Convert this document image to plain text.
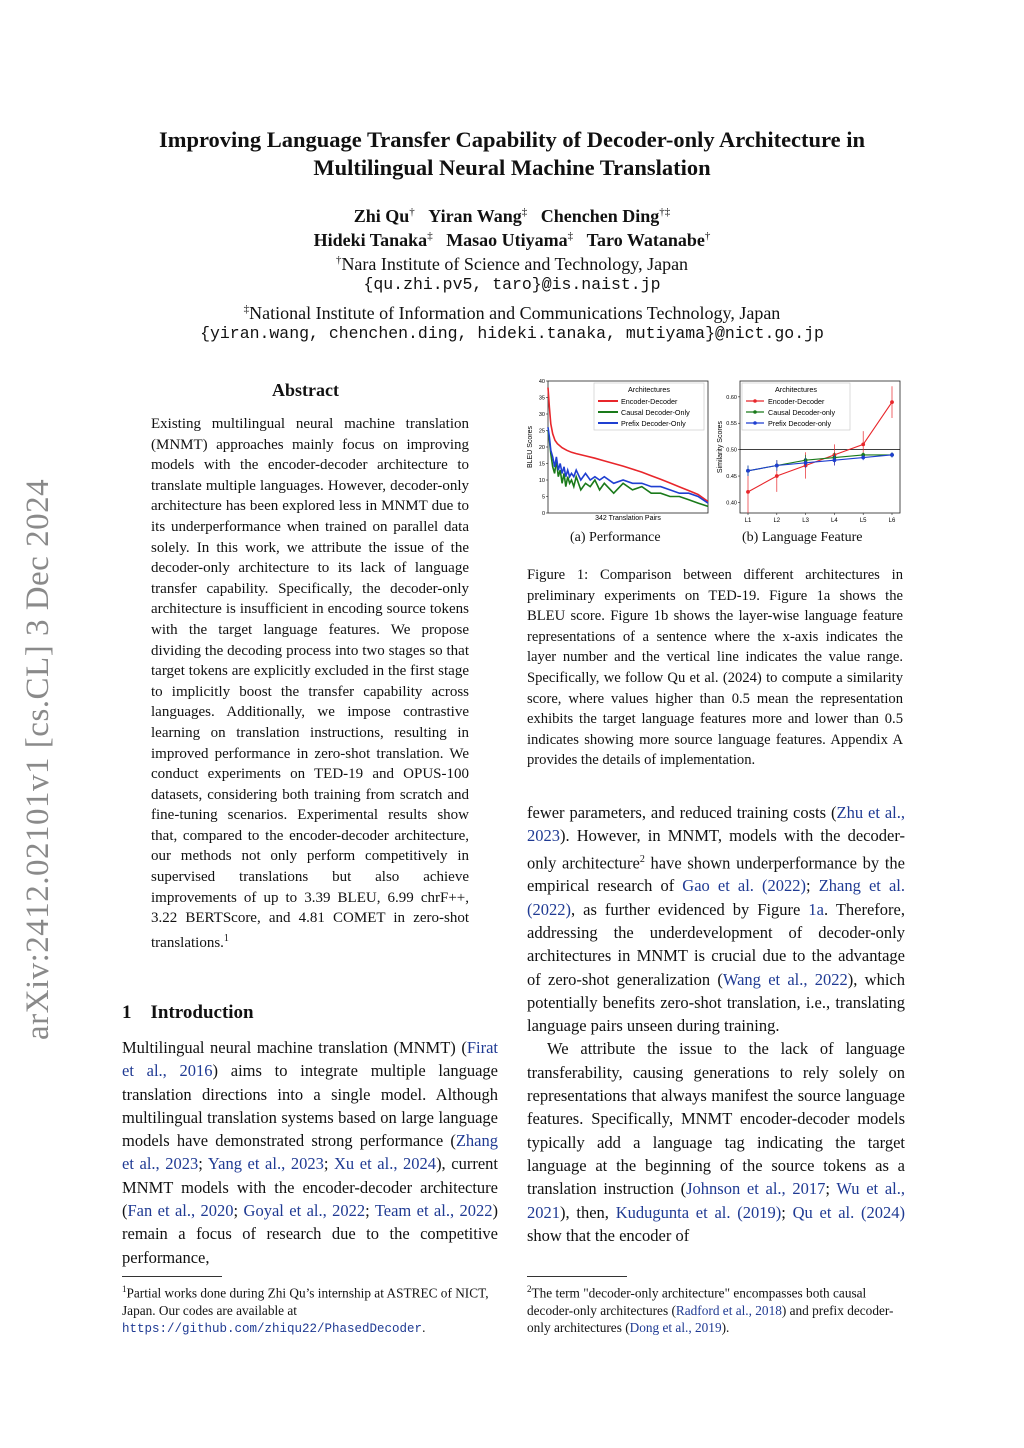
arXiv:2412.02101v1 [cs.CL] 3 Dec 2024
Improving Language Transfer Capability of Decoder-only Architecture in
Multilingual Neural Machine Translation
Zhi Qu† Yiran Wang‡ Chenchen Ding†‡
Hideki Tanaka‡ Masao Utiyama‡ Taro Watanabe†
†Nara Institute of Science and Technology, Japan
{qu.zhi.pv5, taro}@is.naist.jp
‡National Institute of Information and Communications Technology, Japan
{yiran.wang, chenchen.ding, hideki.tanaka, mutiyama}@nict.go.jp
Abstract
Existing multilingual neural machine translation (MNMT) approaches mainly focus on improving models with the encoder-decoder architecture to translate multiple languages. However, decoder-only architecture has been explored less in MNMT due to its underperformance when trained on parallel data solely. In this work, we attribute the issue of the decoder-only architecture to its lack of language transfer capability. Specifically, the decoder-only architecture is insufficient in encoding source tokens with the target language features. We propose dividing the decoding process into two stages so that target tokens are explicitly excluded in the first stage to implicitly boost the transfer capability across languages. Additionally, we impose contrastive learning on translation instructions, resulting in improved performance in zero-shot translation. We conduct experiments on TED-19 and OPUS-100 datasets, considering both training from scratch and fine-tuning scenarios. Experimental results show that, compared to the encoder-decoder architecture, our methods not only perform competitively in supervised translations but also achieve improvements of up to 3.39 BLEU, 6.99 chrF++, 3.22 BERTScore, and 4.81 COMET in zero-shot translations.$^1$
1 Introduction
Multilingual neural machine translation (MNMT) (Firat et al., 2016) aims to integrate multiple language translation directions into a single model. Although multilingual translation systems based on large language models have demonstrated strong performance (Zhang et al., 2023; Yang et al., 2023; Xu et al., 2024), current MNMT models with the encoder-decoder architecture (Fan et al., 2020; Goyal et al., 2022; Team et al., 2022) remain a focus of research due to the competitive performance,
$^1$Partial works done during Zhi Qu’s internship at ASTREC of NICT, Japan. Our codes are available at https://github.com/zhiqu22/PhasedDecoder.
0
5
10
15
20
25
30
35
40
BLEU Scores
342 Translation Pairs
Architectures
Encoder-Decoder
Causal Decoder-Only
Prefix Decoder-Only
0.40
0.45
0.50
0.55
0.60
L1	L2	L3	L4	L5	L6
Similarity Scores
Architectures
Encoder-Decoder
Causal Decoder-only
Prefix Decoder-only
(a) Performance	(b) Language Feature
Figure 1: Comparison between different architectures in preliminary experiments on TED-19. Figure 1a shows the BLEU score. Figure 1b shows the layer-wise language feature representations of a sentence where the x-axis indicates the layer number and the vertical line indicates the value range. Specifically, we follow Qu et al. (2024) to compute a similarity score, where values higher than 0.5 mean the representation exhibits the target language features more and lower than 0.5 indicates showing more source language features. Appendix A provides the details of implementation.

fewer parameters, and reduced training costs (Zhu et al., 2023). However, in MNMT, models with the decoder-only architecture$^2$ have shown underperformance by the empirical research of Gao et al. (2022); Zhang et al. (2022), as further evidenced by Figure 1a. Therefore, addressing the underdevelopment of decoder-only architectures in MNMT is crucial due to the advantage of zero-shot generalization (Wang et al., 2022), which potentially benefits zero-shot translation, i.e., translating language pairs unseen during training.

We attribute the issue to the lack of language transferability, causing generations to rely solely on representations that always manifest the source language features. Specifically, MNMT encoder-decoder models typically add a language tag indicating the target language at the beginning of the source tokens as a translation instruction (Johnson et al., 2017; Wu et al., 2021), then, Kudugunta et al. (2019); Qu et al. (2024) show that the encoder of

$^2$The term "decoder-only architecture" encompasses both causal decoder-only architectures (Radford et al., 2018) and prefix decoder-only architectures (Dong et al., 2019).
